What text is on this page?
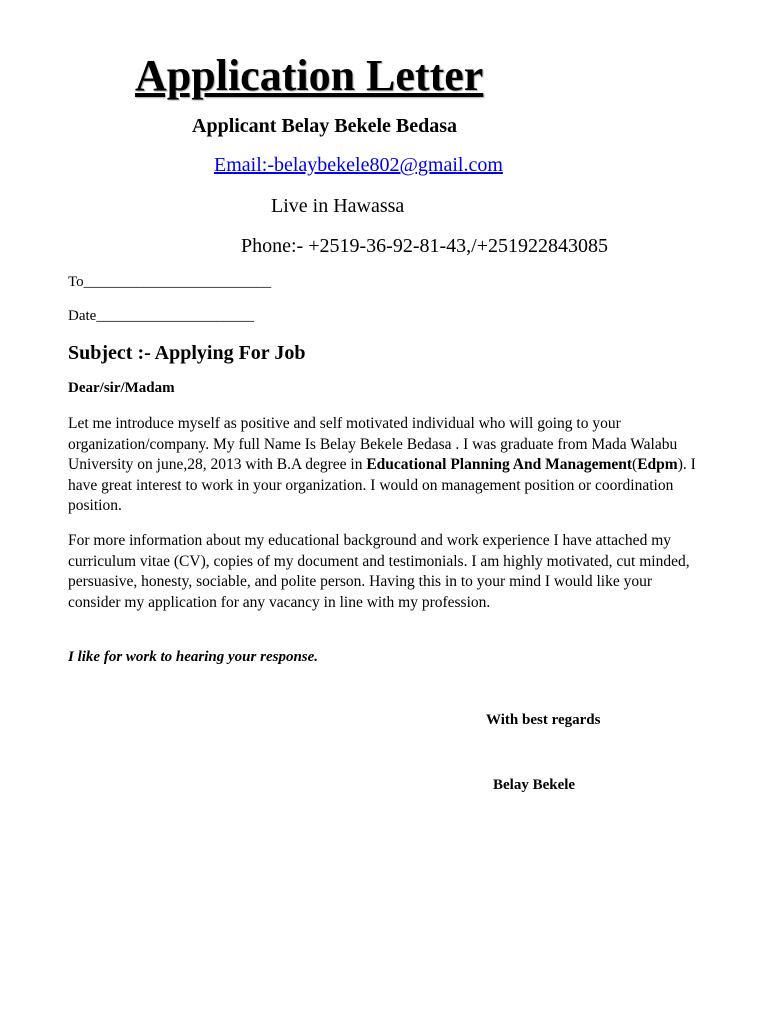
Application Letter
Applicant Belay Bekele Bedasa
Email:-belaybekele802@gmail.com
Live in Hawassa
Phone:- +2519-36-92-81-43,/+251922843085
To_________________________
Date_____________________
Subject :- Applying For Job
Dear/sir/Madam

Let me introduce myself as positive and self motivated individual who will going to your organization/company. My full Name Is Belay Bekele Bedasa . I was graduate from Mada Walabu University on june,28, 2013 with B.A degree in Educational Planning And Management(Edpm). I have great interest to work in your organization. I would on management position or coordination position.

For more information about my educational background and work experience I have attached my curriculum vitae (CV), copies of my document and testimonials. I am highly motivated, cut minded, persuasive, honesty, sociable, and polite person. Having this in to your mind I would like your consider my application for any vacancy in line with my profession.

I like for work to hearing your response.
With best regards
Belay Bekele
